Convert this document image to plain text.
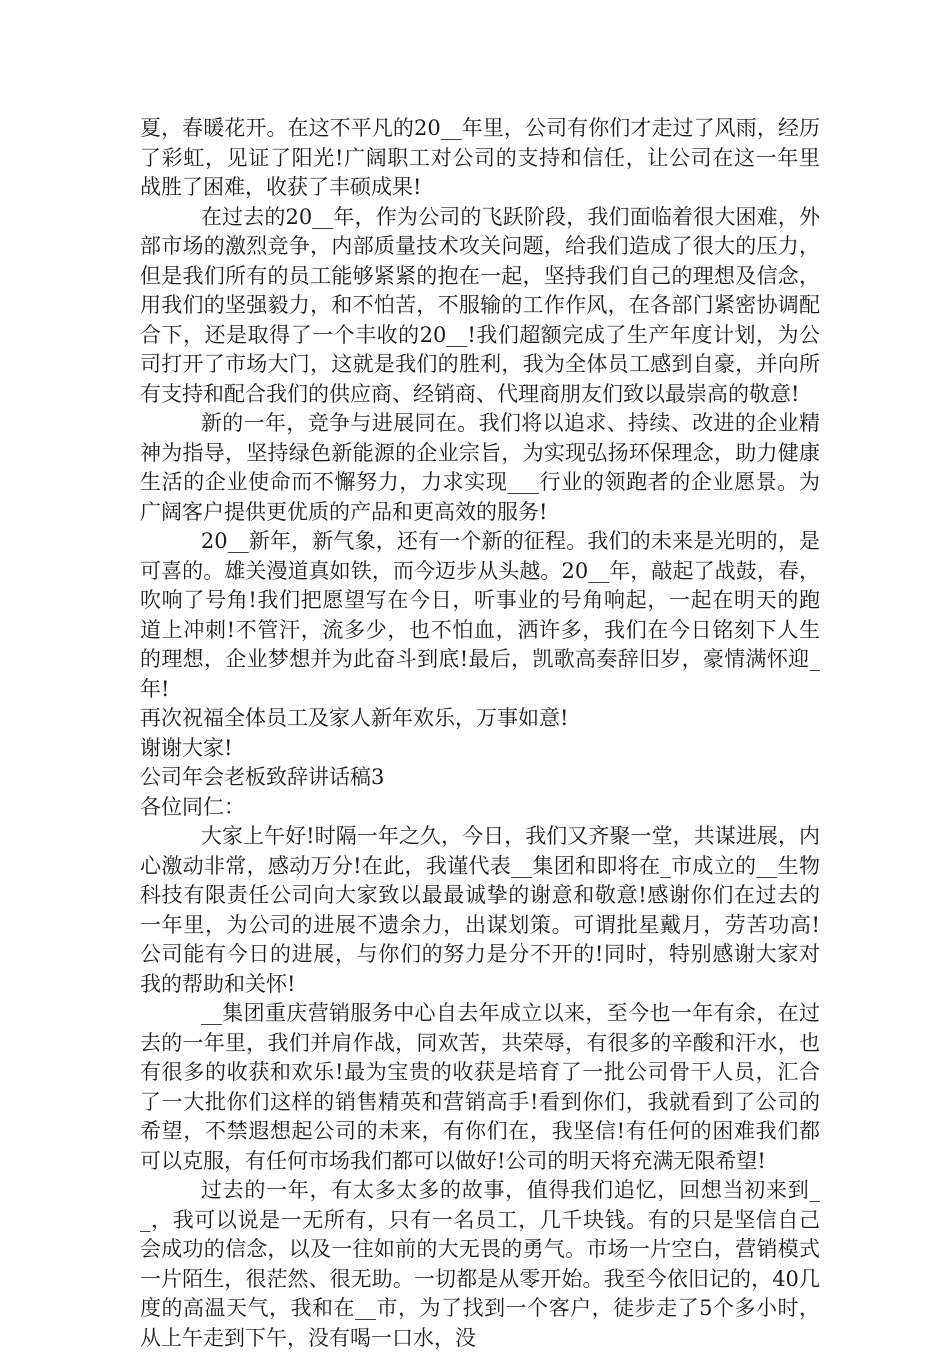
夏，春暖花开。在这不平凡的20__年里，公司有你们才走过了风雨，经历了彩虹，见证了阳光!广阔职工对公司的支持和信任，让公司在这一年里战胜了困难，收获了丰硕成果!

在过去的20__年，作为公司的飞跃阶段，我们面临着很大困难，外部市场的激烈竞争，内部质量技术攻关问题，给我们造成了很大的压力，但是我们所有的员工能够紧紧的抱在一起，坚持我们自己的理想及信念，用我们的坚强毅力，和不怕苦，不服输的工作作风，在各部门紧密协调配合下，还是取得了一个丰收的20__!我们超额完成了生产年度计划，为公司打开了市场大门，这就是我们的胜利，我为全体员工感到自豪，并向所有支持和配合我们的供应商、经销商、代理商朋友们致以最崇高的敬意!

新的一年，竞争与进展同在。我们将以追求、持续、改进的企业精神为指导，坚持绿色新能源的企业宗旨，为实现弘扬环保理念，助力健康生活的企业使命而不懈努力，力求实现___行业的领跑者的企业愿景。为广阔客户提供更优质的产品和更高效的服务!

20__新年，新气象，还有一个新的征程。我们的未来是光明的，是可喜的。雄关漫道真如铁，而今迈步从头越。20__年，敲起了战鼓，春，吹响了号角!我们把愿望写在今日，听事业的号角响起，一起在明天的跑道上冲刺!不管汗，流多少，也不怕血，洒许多，我们在今日铭刻下人生的理想，企业梦想并为此奋斗到底!最后，凯歌高奏辞旧岁，豪情满怀迎_年!

再次祝福全体员工及家人新年欢乐，万事如意!

谢谢大家!

公司年会老板致辞讲话稿3

各位同仁：

大家上午好!时隔一年之久，今日，我们又齐聚一堂，共谋进展，内心激动非常，感动万分!在此，我谨代表__集团和即将在_市成立的__生物科技有限责任公司向大家致以最最诚挚的谢意和敬意!感谢你们在过去的一年里，为公司的进展不遗余力，出谋划策。可谓批星戴月，劳苦功高!公司能有今日的进展，与你们的努力是分不开的!同时，特别感谢大家对我的帮助和关怀!

__集团重庆营销服务中心自去年成立以来，至今也一年有余，在过去的一年里，我们并肩作战，同欢苦，共荣辱，有很多的辛酸和汗水，也有很多的收获和欢乐!最为宝贵的收获是培育了一批公司骨干人员，汇合了一大批你们这样的销售精英和营销高手!看到你们，我就看到了公司的希望，不禁遐想起公司的未来，有你们在，我坚信!有任何的困难我们都可以克服，有任何市场我们都可以做好!公司的明天将充满无限希望!

过去的一年，有太多太多的故事，值得我们追忆，回想当初来到__，我可以说是一无所有，只有一名员工，几千块钱。有的只是坚信自己会成功的信念，以及一往如前的大无畏的勇气。市场一片空白，营销模式一片陌生，很茫然、很无助。一切都是从零开始。我至今依旧记的，40几度的高温天气，我和在__市，为了找到一个客户，徒步走了5个多小时，从上午走到下午，没有喝一口水，没
